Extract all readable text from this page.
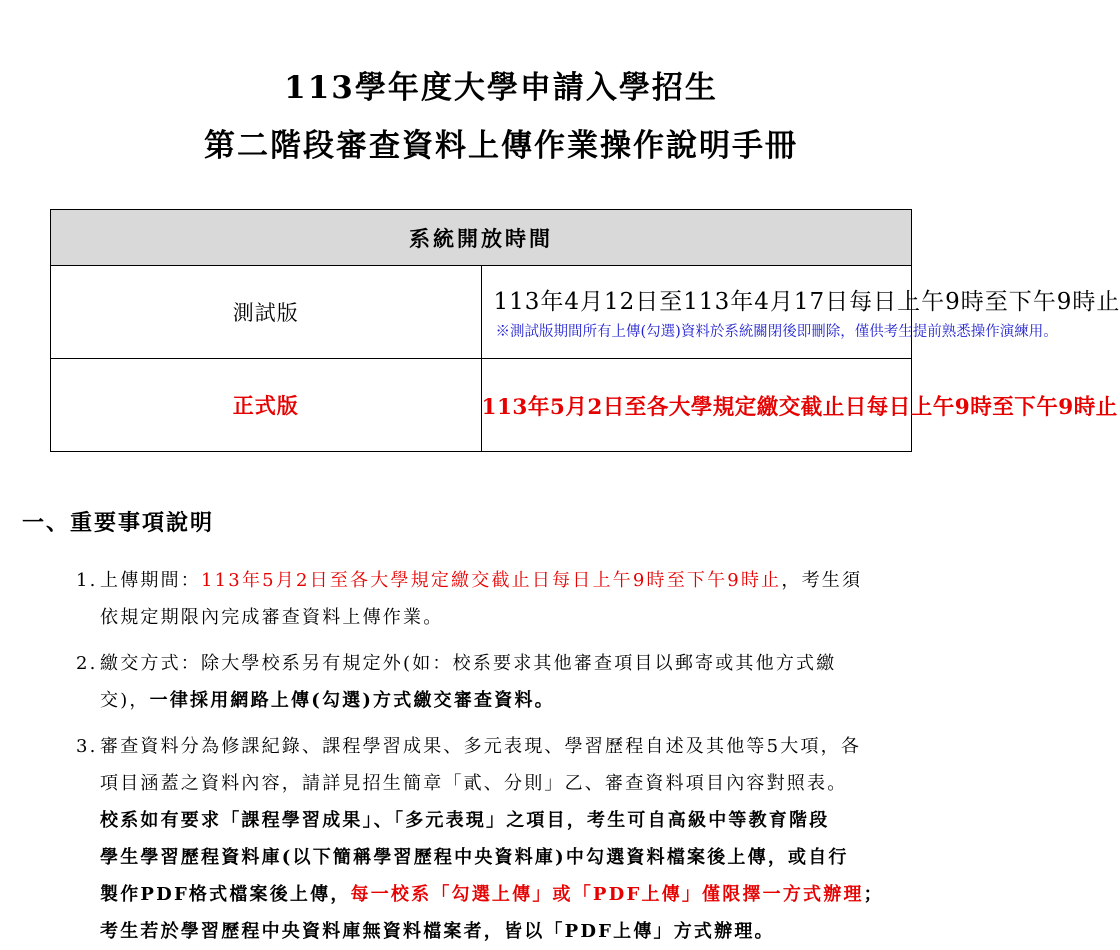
113學年度大學申請入學招生
第二階段審查資料上傳作業操作說明手冊
系統開放時間	
測試版	113年4月12日至113年4月17日每日上午9時至下午9時止
※測試版期間所有上傳(勾選)資料於系統關閉後即刪除，僅供考生提前熟悉操作演練用。

正式版	113年5月2日至各大學規定繳交截止日每日上午9時至下午9時止
一、重要事項說明
1. 上傳期間：113年5月2日至各大學規定繳交截止日每日上午9時至下午9時止，考生須
依規定期限內完成審查資料上傳作業。
2. 繳交方式：除大學校系另有規定外(如：校系要求其他審查項目以郵寄或其他方式繳
交)，一律採用網路上傳(勾選)方式繳交審查資料。
3. 審查資料分為修課紀錄、課程學習成果、多元表現、學習歷程自述及其他等5大項，各
項目涵蓋之資料內容，請詳見招生簡章「貳、分則」乙、審查資料項目內容對照表。
校系如有要求「課程學習成果」、「多元表現」之項目，考生可自高級中等教育階段
學生學習歷程資料庫(以下簡稱學習歷程中央資料庫)中勾選資料檔案後上傳，或自行
製作PDF格式檔案後上傳，每一校系「勾選上傳」或「PDF上傳」僅限擇一方式辦理；
考生若於學習歷程中央資料庫無資料檔案者，皆以「PDF上傳」方式辦理。
